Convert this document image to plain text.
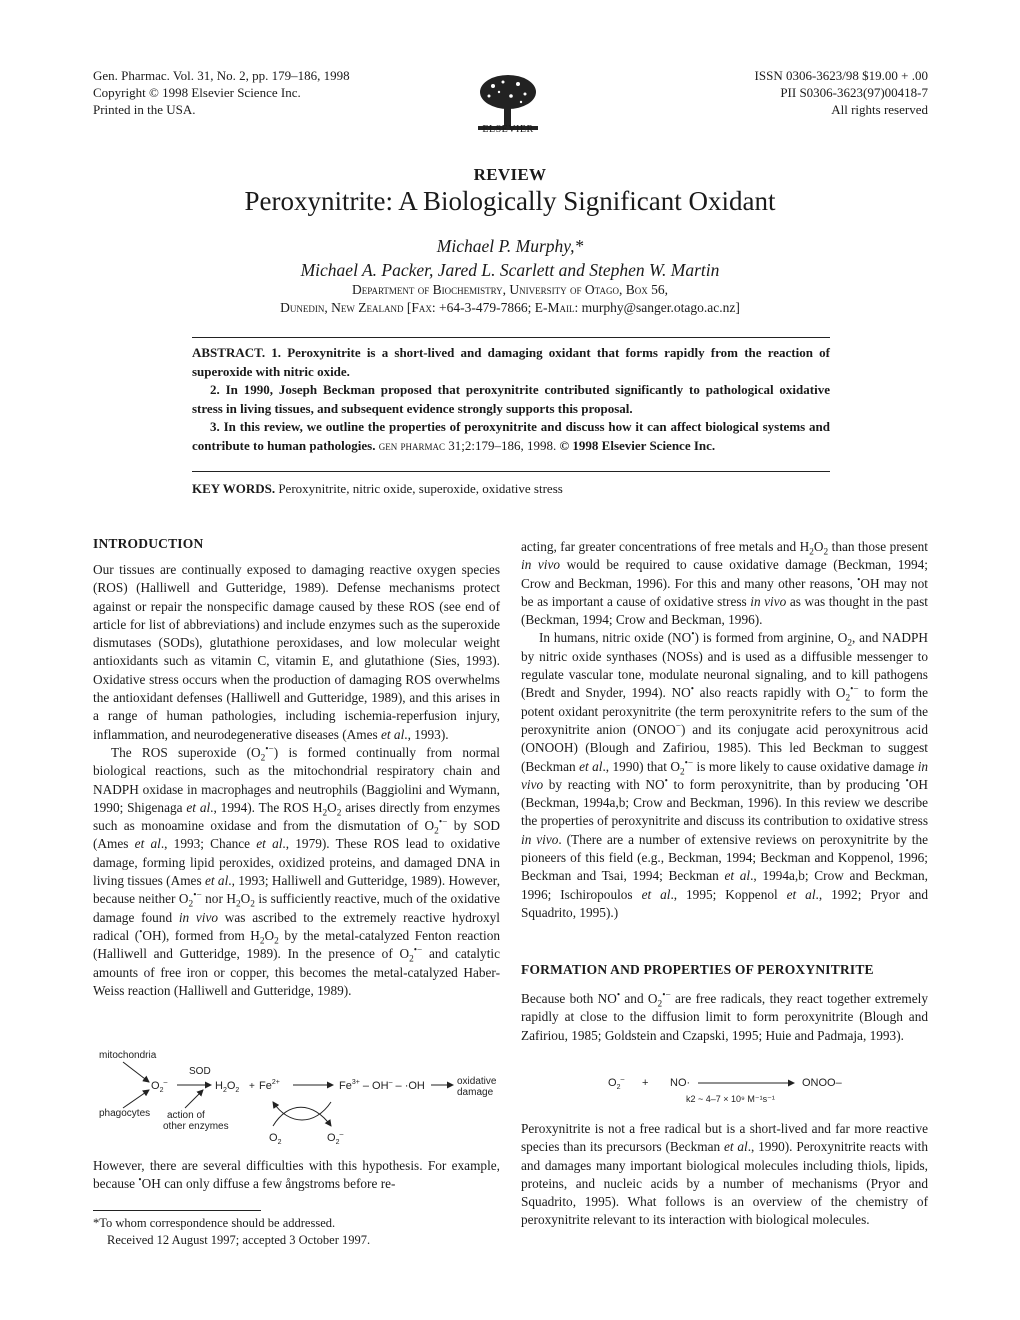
Gen. Pharmac. Vol. 31, No. 2, pp. 179–186, 1998
Copyright © 1998 Elsevier Science Inc.
Printed in the USA.
ELSEVIER
ISSN 0306-3623/98 $19.00 + .00
PII S0306-3623(97)00418-7
All rights reserved
REVIEW
Peroxynitrite: A Biologically Significant Oxidant
Michael P. Murphy,*
Michael A. Packer, Jared L. Scarlett and Stephen W. Martin
Department of Biochemistry, University of Otago, Box 56,
Dunedin, New Zealand [Fax: +64-3-479-7866; E-Mail: murphy@sanger.otago.ac.nz]

ABSTRACT. 1. Peroxynitrite is a short-lived and damaging oxidant that forms rapidly from the reaction of superoxide with nitric oxide.

2. In 1990, Joseph Beckman proposed that peroxynitrite contributed significantly to pathological oxidative stress in living tissues, and subsequent evidence strongly supports this proposal.

3. In this review, we outline the properties of peroxynitrite and discuss how it can affect biological systems and contribute to human pathologies. gen pharmac 31;2:179–186, 1998. © 1998 Elsevier Science Inc.

KEY WORDS. Peroxynitrite, nitric oxide, superoxide, oxidative stress
INTRODUCTION

Our tissues are continually exposed to damaging reactive oxygen species (ROS) (Halliwell and Gutteridge, 1989). Defense mechanisms protect against or repair the nonspecific damage caused by these ROS (see end of article for list of abbreviations) and include enzymes such as the superoxide dismutases (SODs), glutathione peroxidases, and low molecular weight antioxidants such as vitamin C, vitamin E, and glutathione (Sies, 1993). Oxidative stress occurs when the production of damaging ROS overwhelms the antioxidant defenses (Halliwell and Gutteridge, 1989), and this arises in a range of human pathologies, including ischemia-reperfusion injury, inflammation, and neurodegenerative diseases (Ames et al., 1993).

The ROS superoxide $(O_2^{•-})$ is formed continually from normal biological reactions, such as the mitochondrial respiratory chain and NADPH oxidase in macrophages and neutrophils (Baggiolini and Wymann, 1990; Shigenaga et al., 1994). The ROS $H_2O_2$ arises directly from enzymes such as monoamine oxidase and from the dismutation of $O_2^{•-}$ by SOD (Ames et al., 1993; Chance et al., 1979). These ROS lead to oxidative damage, forming lipid peroxides, oxidized proteins, and damaged DNA in living tissues (Ames et al., 1993; Halliwell and Gutteridge, 1989). However, because neither $O_2^{•-}$ nor $H_2O_2$ is sufficiently reactive, much of the oxidative damage found in vivo was ascribed to the extremely reactive hydroxyl radical (•OH), formed from $H_2O_2$ by the metal-catalyzed Fenton reaction (Halliwell and Gutteridge, 1989). In the presence of $O_2^{•-}$ and catalytic amounts of free iron or copper, this becomes the metal-catalyzed Haber-Weiss reaction (Halliwell and Gutteridge, 1989).

mitochondria
phagocytes
$O_2^-$
SOD
$H_2O_2 + Fe^{2+}$	$Fe^{3+} - OH^- - \cdot OH$	oxidative
damage
action of
other enzymes
$O_2$	$O_2^-$

However, there are several difficulties with this hypothesis. For example, because •OH can only diffuse a few ångstroms before re-

*To whom correspondence should be addressed.
Received 12 August 1997; accepted 3 October 1997.

acting, far greater concentrations of free metals and $H_2O_2$ than those present in vivo would be required to cause oxidative damage (Beckman, 1994; Crow and Beckman, 1996). For this and many other reasons, •OH may not be as important a cause of oxidative stress in vivo as was thought in the past (Beckman, 1994; Crow and Beckman, 1996).

In humans, nitric oxide (NO•) is formed from arginine, $O_2$, and NADPH by nitric oxide synthases (NOSs) and is used as a diffusible messenger to regulate vascular tone, modulate neuronal signaling, and to kill pathogens (Bredt and Snyder, 1994). NO• also reacts rapidly with $O_2^{•-}$ to form the potent oxidant peroxynitrite (the term peroxynitrite refers to the sum of the peroxynitrite anion (ONOO−) and its conjugate acid peroxynitrous acid (ONOOH) (Blough and Zafiriou, 1985). This led Beckman to suggest (Beckman et al., 1990) that $O_2^{•-}$ is more likely to cause oxidative damage in vivo by reacting with NO• to form peroxynitrite, than by producing •OH (Beckman, 1994a,b; Crow and Beckman, 1996). In this review we describe the properties of peroxynitrite and discuss its contribution to oxidative stress in vivo. (There are a number of extensive reviews on peroxynitrite by the pioneers of this field (e.g., Beckman, 1994; Beckman and Koppenol, 1996; Beckman and Tsai, 1994; Beckman et al., 1994a,b; Crow and Beckman, 1996; Ischiropoulos et al., 1995; Koppenol et al., 1992; Pryor and Squadrito, 1995).)

FORMATION AND PROPERTIES OF PEROXYNITRITE

Because both NO• and $O_2^{•-}$ are free radicals, they react together extremely rapidly at close to the diffusion limit to form peroxynitrite (Blough and Zafiriou, 1985; Goldstein and Czapski, 1995; Huie and Padmaja, 1993).

$O_2^- + NO\cdot$
k2 ~ 4–7 × 10⁹ M⁻¹s⁻¹
ONOO–

Peroxynitrite is not a free radical but is a short-lived and far more reactive species than its precursors (Beckman et al., 1990). Peroxynitrite reacts with and damages many important biological molecules including thiols, lipids, proteins, and nucleic acids by a number of mechanisms (Pryor and Squadrito, 1995). What follows is an overview of the chemistry of peroxynitrite relevant to its interaction with biological molecules.
